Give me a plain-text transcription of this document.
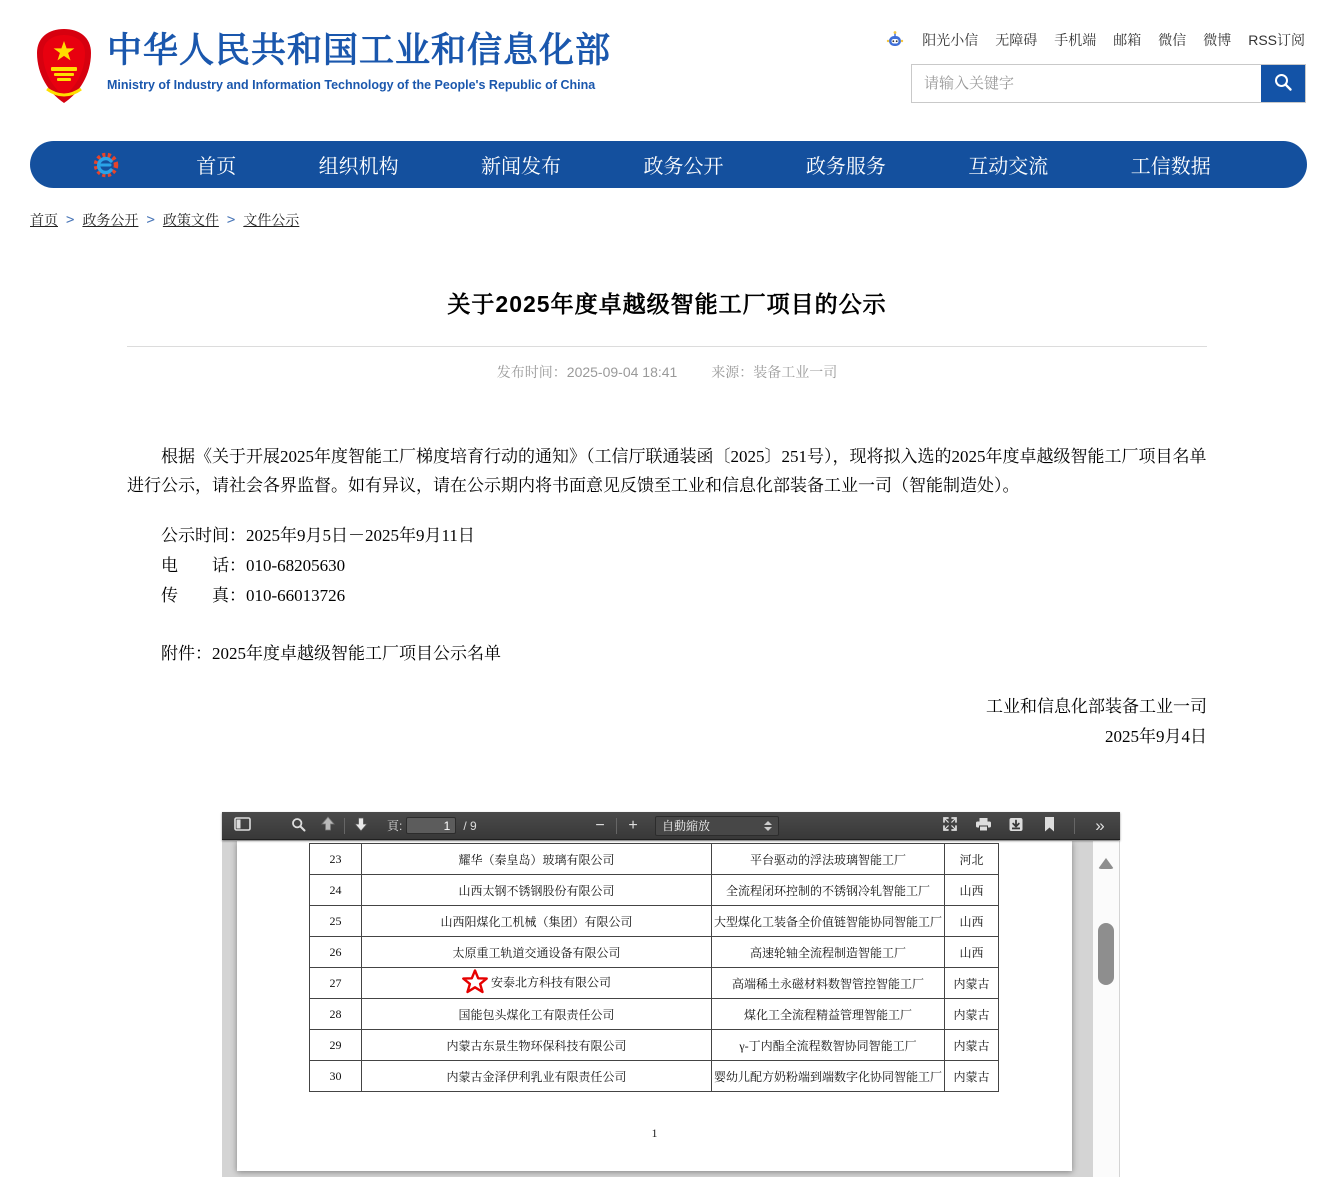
中华人民共和国工业和信息化部
Ministry of Industry and Information Technology of the People's Republic of China
阳光小信 无障碍 手机端 邮箱 微信 微博 RSS订阅
请输入关键字
首页	组织机构	新闻发布	政务公开	政务服务	互动交流	工信数据
首页 > 政务公开 > 政策文件 > 文件公示
关于2025年度卓越级智能工厂项目的公示
发布时间：2025-09-04 18:41 来源：装备工业一司

根据《关于开展2025年度智能工厂梯度培育行动的通知》（工信厅联通装函〔2025〕251号），现将拟入选的2025年度卓越级智能工厂项目名单进行公示，请社会各界监督。如有异议，请在公示期内将书面意见反馈至工业和信息化部装备工业一司（智能制造处）。

公示时间：2025年9月5日－2025年9月11日

电　　话：010-68205630

传　　真：010-66013726

附件：2025年度卓越级智能工厂项目公示名单

工业和信息化部装备工业一司
2025年9月4日
頁:
1	/ 9	−	+	自動縮放	»
23	耀华（秦皇岛）玻璃有限公司	平台驱动的浮法玻璃智能工厂	河北
24	山西太钢不锈钢股份有限公司	全流程闭环控制的不锈钢冷轧智能工厂	山西
25	山西阳煤化工机械（集团）有限公司	大型煤化工装备全价值链智能协同智能工厂	山西
26	太原重工轨道交通设备有限公司	高速轮轴全流程制造智能工厂	山西
27	安泰北方科技有限公司	高端稀土永磁材料数智管控智能工厂	内蒙古
28	国能包头煤化工有限责任公司	煤化工全流程精益管理智能工厂	内蒙古
29	内蒙古东景生物环保科技有限公司	γ-丁内酯全流程数智协同智能工厂	内蒙古
30	内蒙古金泽伊利乳业有限责任公司	婴幼儿配方奶粉端到端数字化协同智能工厂	内蒙古
1
